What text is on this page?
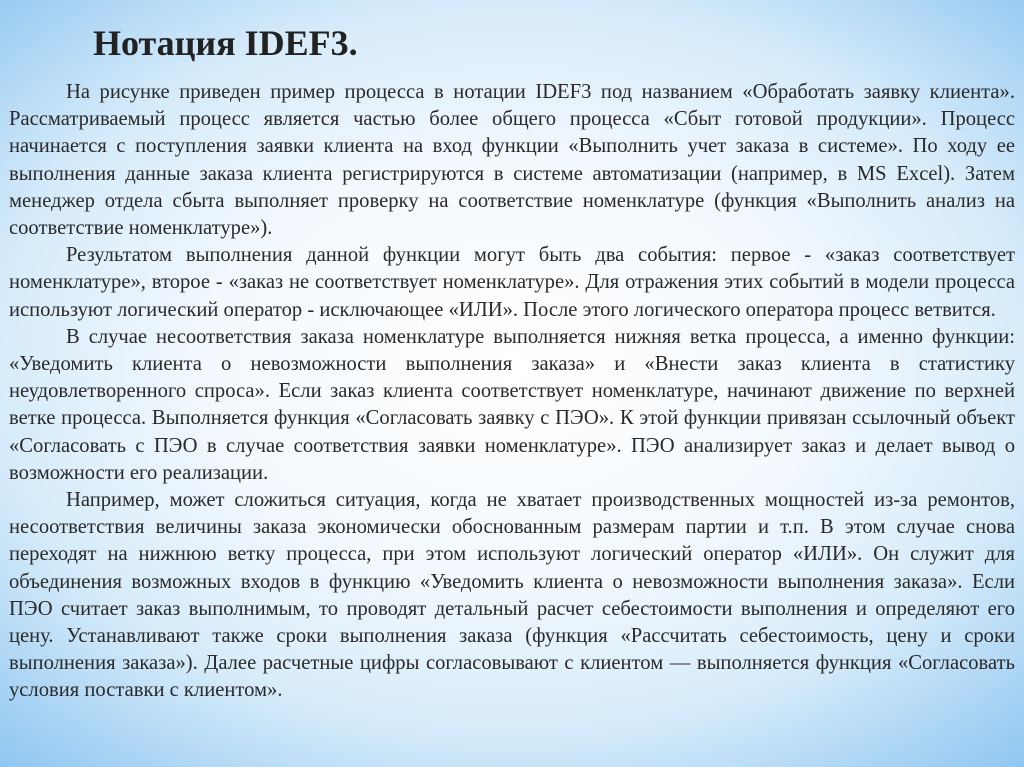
Нотация IDEF3.

На рисунке приведен пример процесса в нотации IDEF3 под названием «Обработать заявку клиента». Рассматриваемый процесс является частью более общего процесса «Сбыт готовой продукции». Процесс начинается с поступления заявки клиента на вход функции «Выполнить учет заказа в системе». По ходу ее выполнения данные заказа клиента регистрируются в системе автоматизации (например, в MS Excel). Затем менеджер отдела сбыта выполняет проверку на соответствие номенклатуре (функция «Выполнить анализ на соответствие номенклатуре»).

Результатом выполнения данной функции могут быть два события: первое - «заказ соответствует номенклатуре», второе - «заказ не соответствует номенклатуре». Для отражения этих событий в модели процесса используют логический оператор - исключающее «ИЛИ». После этого логического оператора процесс ветвится.

В случае несоответствия заказа номенклатуре выполняется нижняя ветка процесса, а именно функции: «Уведомить клиента о невозможности выполнения заказа» и «Внести заказ клиента в статистику неудовлетворенного спроса». Если заказ клиента соответствует номенклатуре, начинают движение по верхней ветке процесса. Выполняется функция «Согласовать заявку с ПЭО». К этой функции привязан ссылочный объект «Согласовать с ПЭО в случае соответствия заявки номенклатуре». ПЭО анализирует заказ и делает вывод о возможности его реализации.

Например, может сложиться ситуация, когда не хватает производственных мощностей из-за ремонтов, несоответствия величины заказа экономически обоснованным размерам партии и т.п. В этом случае снова переходят на нижнюю ветку процесса, при этом используют логический оператор «ИЛИ». Он служит для объединения возможных входов в функцию «Уведомить клиента о невозможности выполнения заказа». Если ПЭО считает заказ выполнимым, то проводят детальный расчет себестоимости выполнения и определяют его цену. Устанавливают также сроки выполнения заказа (функция «Рассчитать себестоимость, цену и сроки выполнения заказа»). Далее расчетные цифры согласовывают с клиентом — выполняется функция «Согласовать условия поставки с клиентом».
